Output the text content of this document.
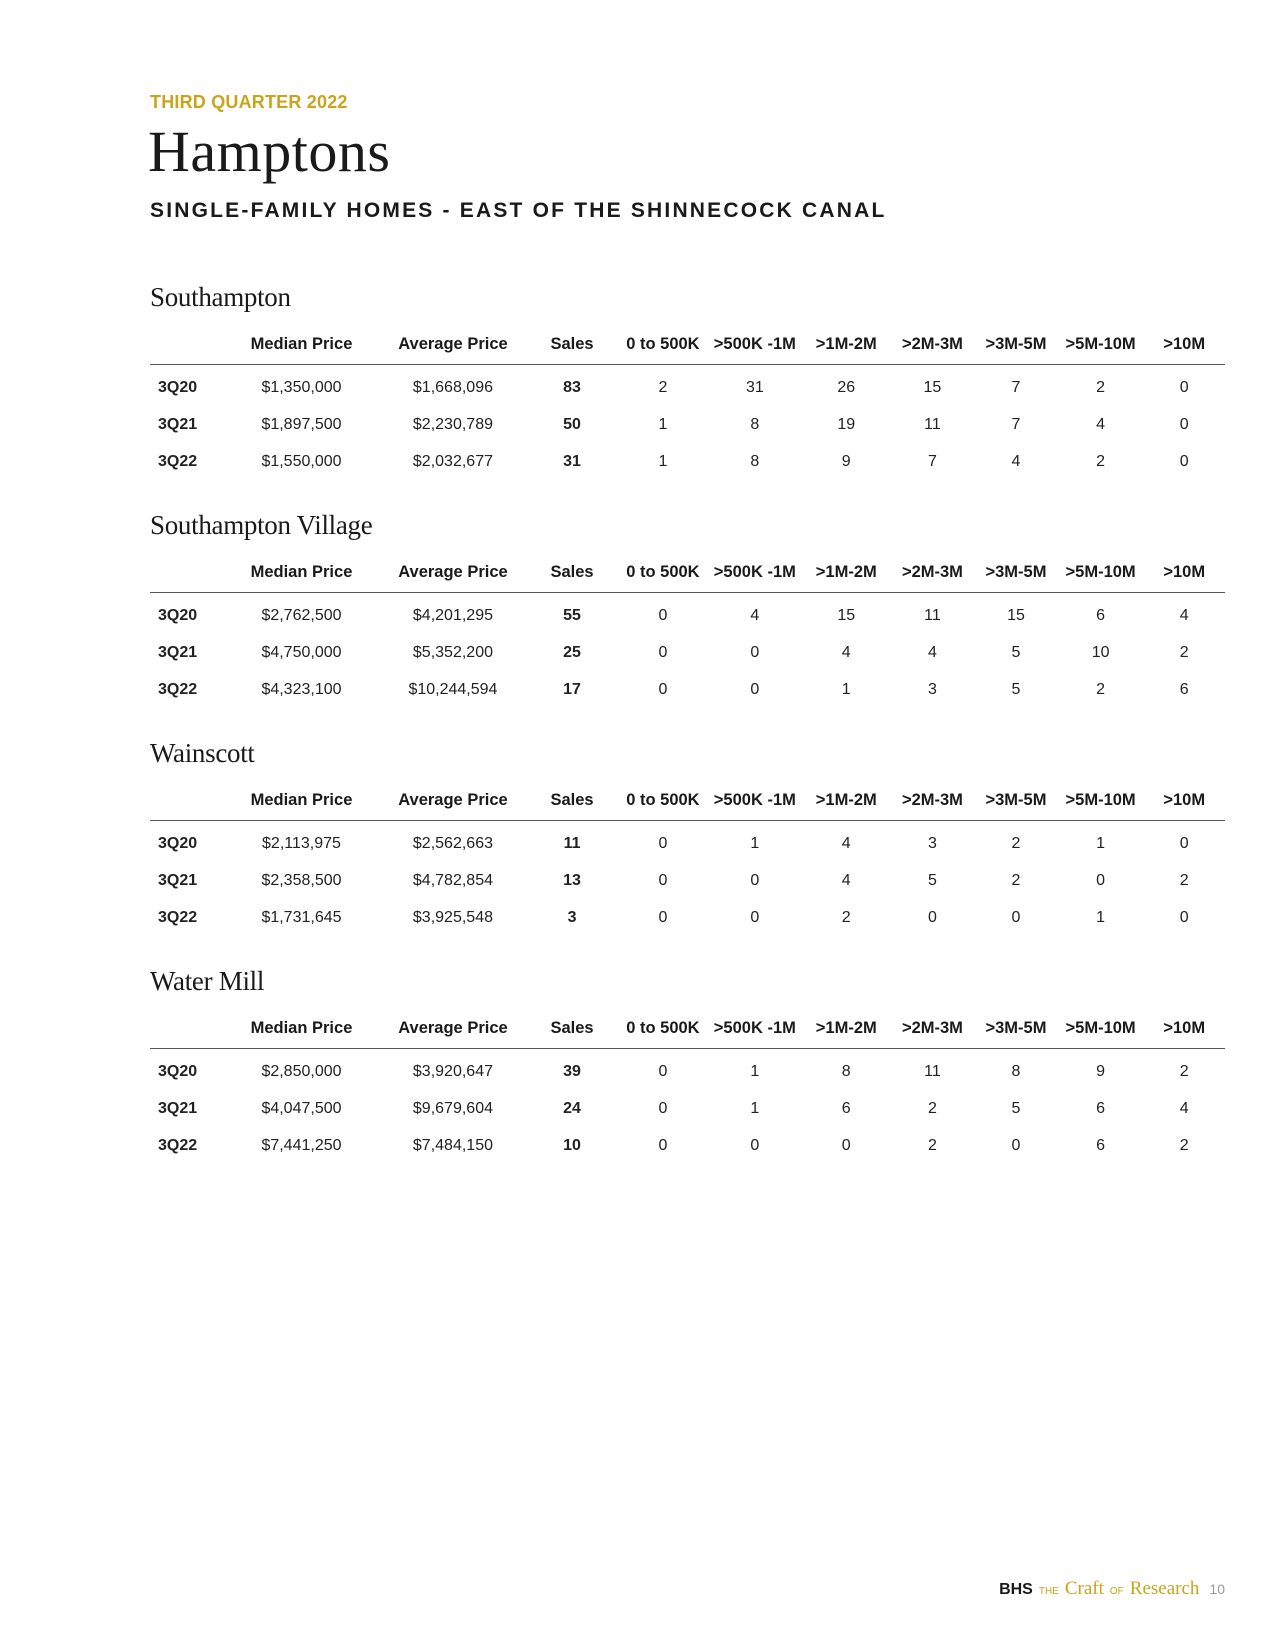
THIRD QUARTER 2022
Hamptons
SINGLE-FAMILY HOMES - EAST OF THE SHINNECOCK CANAL
Southampton
	Median Price	Average Price	Sales	0 to 500K	>500K -1M	>1M-2M	>2M-3M	>3M-5M	>5M-10M	>10M
3Q20	$1,350,000	$1,668,096	83	2	31	26	15	7	2	0
3Q21	$1,897,500	$2,230,789	50	1	8	19	11	7	4	0
3Q22	$1,550,000	$2,032,677	31	1	8	9	7	4	2	0
Southampton Village
	Median Price	Average Price	Sales	0 to 500K	>500K -1M	>1M-2M	>2M-3M	>3M-5M	>5M-10M	>10M
3Q20	$2,762,500	$4,201,295	55	0	4	15	11	15	6	4
3Q21	$4,750,000	$5,352,200	25	0	0	4	4	5	10	2
3Q22	$4,323,100	$10,244,594	17	0	0	1	3	5	2	6
Wainscott
	Median Price	Average Price	Sales	0 to 500K	>500K -1M	>1M-2M	>2M-3M	>3M-5M	>5M-10M	>10M
3Q20	$2,113,975	$2,562,663	11	0	1	4	3	2	1	0
3Q21	$2,358,500	$4,782,854	13	0	0	4	5	2	0	2
3Q22	$1,731,645	$3,925,548	3	0	0	2	0	0	1	0
Water Mill
	Median Price	Average Price	Sales	0 to 500K	>500K -1M	>1M-2M	>2M-3M	>3M-5M	>5M-10M	>10M
3Q20	$2,850,000	$3,920,647	39	0	1	8	11	8	9	2
3Q21	$4,047,500	$9,679,604	24	0	1	6	2	5	6	4
3Q22	$7,441,250	$7,484,150	10	0	0	0	2	0	6	2
BHS THE Craft OF Research 10
